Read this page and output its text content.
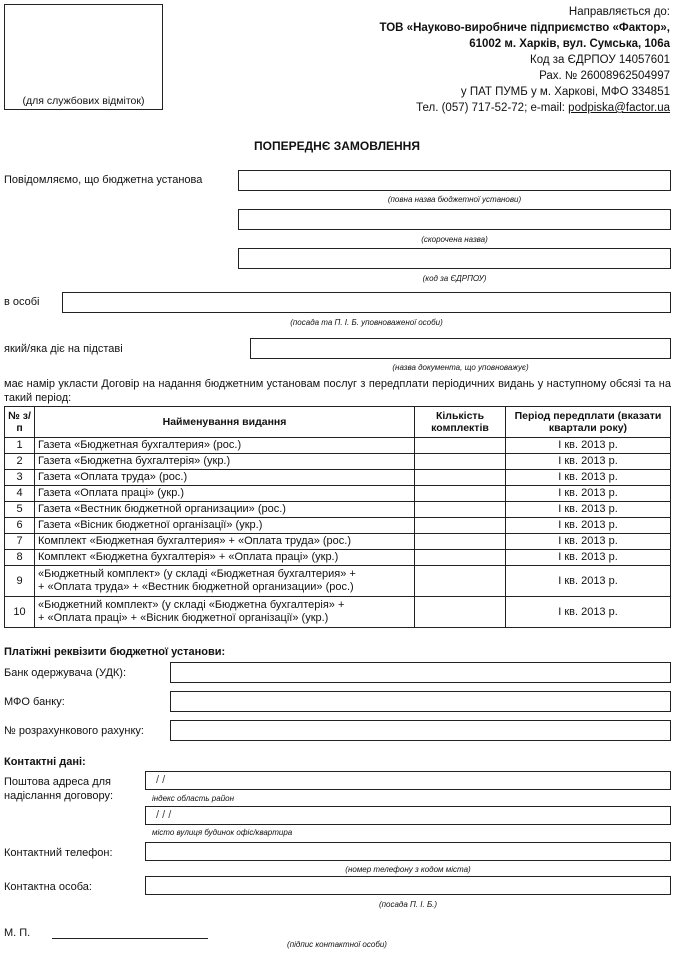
(для службових відміток)
Направляється до:
ТОВ «Науково-виробниче підприємство «Фактор»,
61002 м. Харків, вул. Сумська, 106а
Код за ЄДРПОУ 14057601
Рах. № 26008962504997
у ПАТ ПУМБ у м. Харкові, МФО 334851
Тел. (057) 717-52-72; e-mail: podpiska@factor.ua
ПОПЕРЕДНЄ ЗАМОВЛЕННЯ
Повідомляємо, що бюджетна установа
(повна назва бюджетної установи)
(скорочена назва)
(код за ЄДРПОУ)
в особі
(посада та П. І. Б. уповноваженої особи)
який/яка діє на підставі
(назва документа, що уповноважує)
має намір укласти Договір на надання бюджетним установам послуг з передплати періодичних видань у наступному обсязі та на такий період:
№ з/п	Найменування видання	Кількість комплектів	Період передплати (вказати квартали року)
1	Газета «Бюджетная бухгалтерия» (рос.)		І кв. 2013 р.
2	Газета «Бюджетна бухгалтерія» (укр.)		І кв. 2013 р.
3	Газета «Оплата труда» (рос.)		І кв. 2013 р.
4	Газета «Оплата праці» (укр.)		І кв. 2013 р.
5	Газета «Вестник бюджетной организации» (рос.)		І кв. 2013 р.
6	Газета «Вісник бюджетної організації» (укр.)		І кв. 2013 р.
7	Комплект «Бюджетная бухгалтерия» + «Оплата труда» (рос.)		І кв. 2013 р.
8	Комплект «Бюджетна бухгалтерія» + «Оплата праці» (укр.)		І кв. 2013 р.
9	«Бюджетный комплект» (у складі «Бюджетная бухгалтерия» +
+ «Оплата труда» + «Вестник бюджетной организации» (рос.)		І кв. 2013 р.
10	«Бюджетний комплект» (у складі «Бюджетна бухгалтерія» +
+ «Оплата праці» + «Вісник бюджетної організації» (укр.)		І кв. 2013 р.
Платіжні реквізити бюджетної установи:
Банк одержувача (УДК):
МФО банку:
№ розрахункового рахунку:
Контактні дані:
Поштова адреса для
надіслання договору:
/ /
індекс область район
/ / /
місто вулиця будинок офіс/квартира
Контактний телефон:
(номер телефону з кодом міста)
Контактна особа:
(посада П. І. Б.)
М. П.
(підпис контактної особи)
